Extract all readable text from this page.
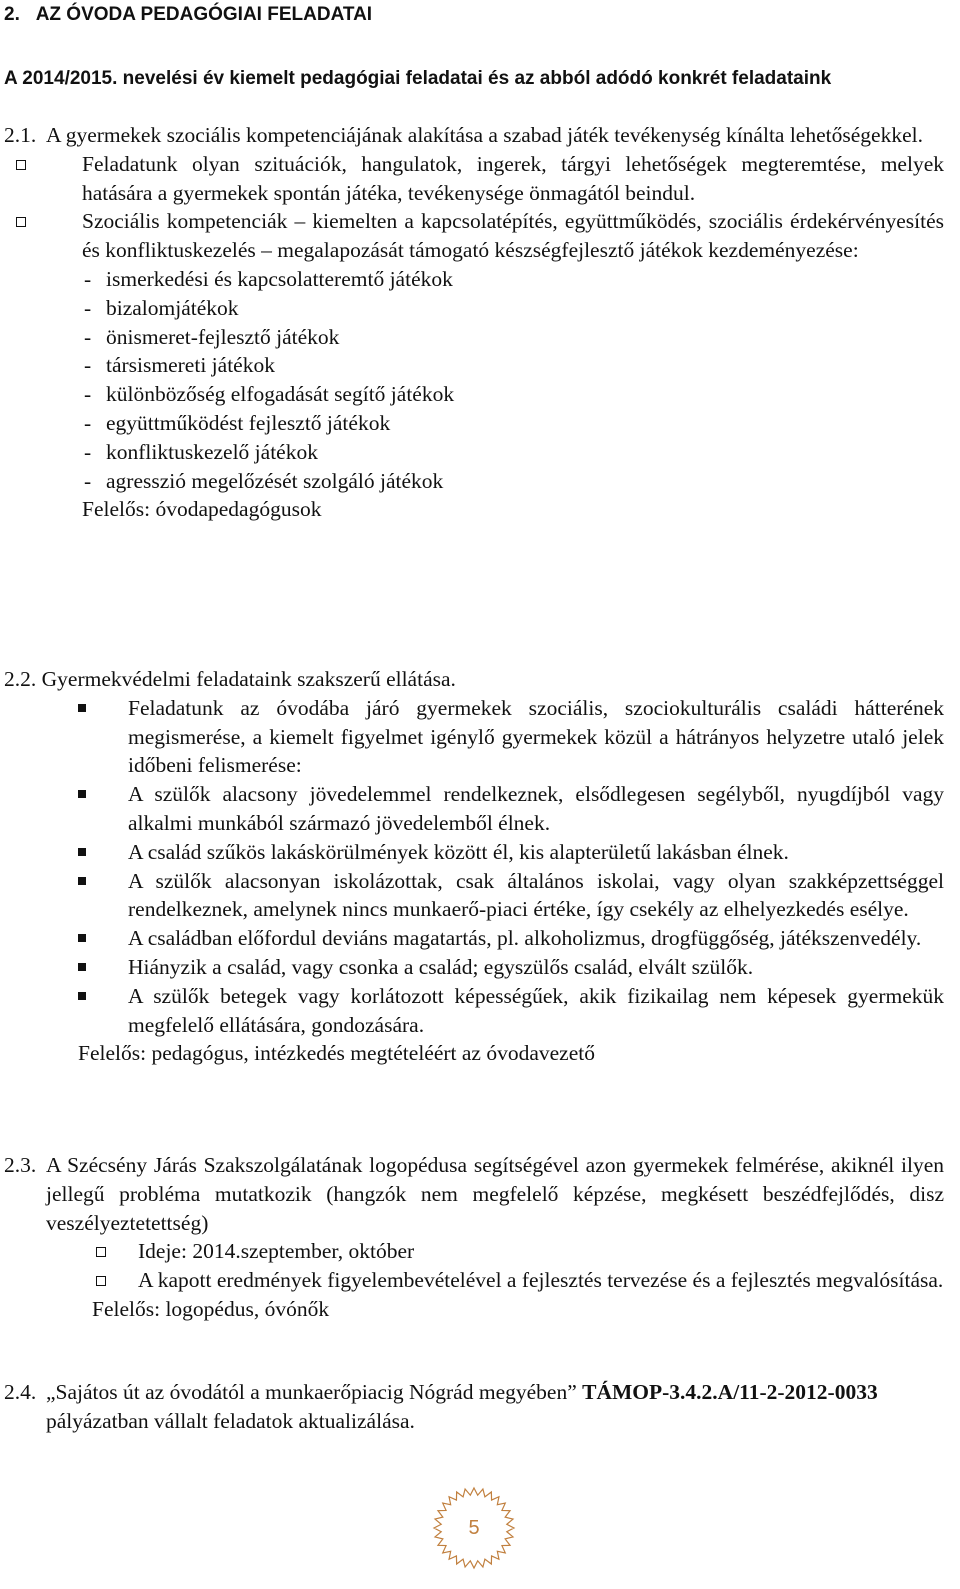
2. AZ ÓVODA PEDAGÓGIAI FELADATAI
A 2014/2015. nevelési év kiemelt pedagógiai feladatai és az abból adódó konkrét feladataink
2.1. A gyermekek szociális kompetenciájának alakítása a szabad játék tevékenység kínálta lehetőségekkel.
Feladatunk olyan szituációk, hangulatok, ingerek, tárgyi lehetőségek megteremtése, melyek hatására a gyermekek spontán játéka, tevékenysége önmagától beindul.
Szociális kompetenciák – kiemelten a kapcsolatépítés, együttműködés, szociális érdekérvényesítés és konfliktuskezelés – megalapozását támogató készségfejlesztő játékok kezdeményezése:
- ismerkedési és kapcsolatteremtő játékok
- bizalomjátékok
- önismeret-fejlesztő játékok
- társismereti játékok
- különbözőség elfogadását segítő játékok
- együttműködést fejlesztő játékok
- konfliktuskezelő játékok
- agresszió megelőzését szolgáló játékok
Felelős: óvodapedagógusok
2.2. Gyermekvédelmi feladataink szakszerű ellátása.
Feladatunk az óvodába járó gyermekek szociális, szociokulturális családi hátterének megismerése, a kiemelt figyelmet igénylő gyermekek közül a hátrányos helyzetre utaló jelek időbeni felismerése:
A szülők alacsony jövedelemmel rendelkeznek, elsődlegesen segélyből, nyugdíjból vagy alkalmi munkából származó jövedelemből élnek.
A család szűkös lakáskörülmények között él, kis alapterületű lakásban élnek.
A szülők alacsonyan iskolázottak, csak általános iskolai, vagy olyan szakképzettséggel rendelkeznek, amelynek nincs munkaerő-piaci értéke, így csekély az elhelyezkedés esélye.
A családban előfordul deviáns magatartás, pl. alkoholizmus, drogfüggőség, játékszenvedély.
Hiányzik a család, vagy csonka a család; egyszülős család, elvált szülők.
A szülők betegek vagy korlátozott képességűek, akik fizikailag nem képesek gyermekük megfelelő ellátására, gondozására.
Felelős: pedagógus, intézkedés megtételéért az óvodavezető
2.3. A Szécsény Járás Szakszolgálatának logopédusa segítségével azon gyermekek felmérése, akiknél ilyen jellegű probléma mutatkozik (hangzók nem megfelelő képzése, megkésett beszédfejlődés, disz veszélyeztetettség)
Ideje: 2014.szeptember, október
A kapott eredmények figyelembevételével a fejlesztés tervezése és a fejlesztés megvalósítása.
Felelős: logopédus, óvónők
2.4. „Sajátos út az óvodától a munkaerőpiacig Nógrád megyében” TÁMOP-3.4.2.A/11-2-2012-0033 pályázatban vállalt feladatok aktualizálása.
5
